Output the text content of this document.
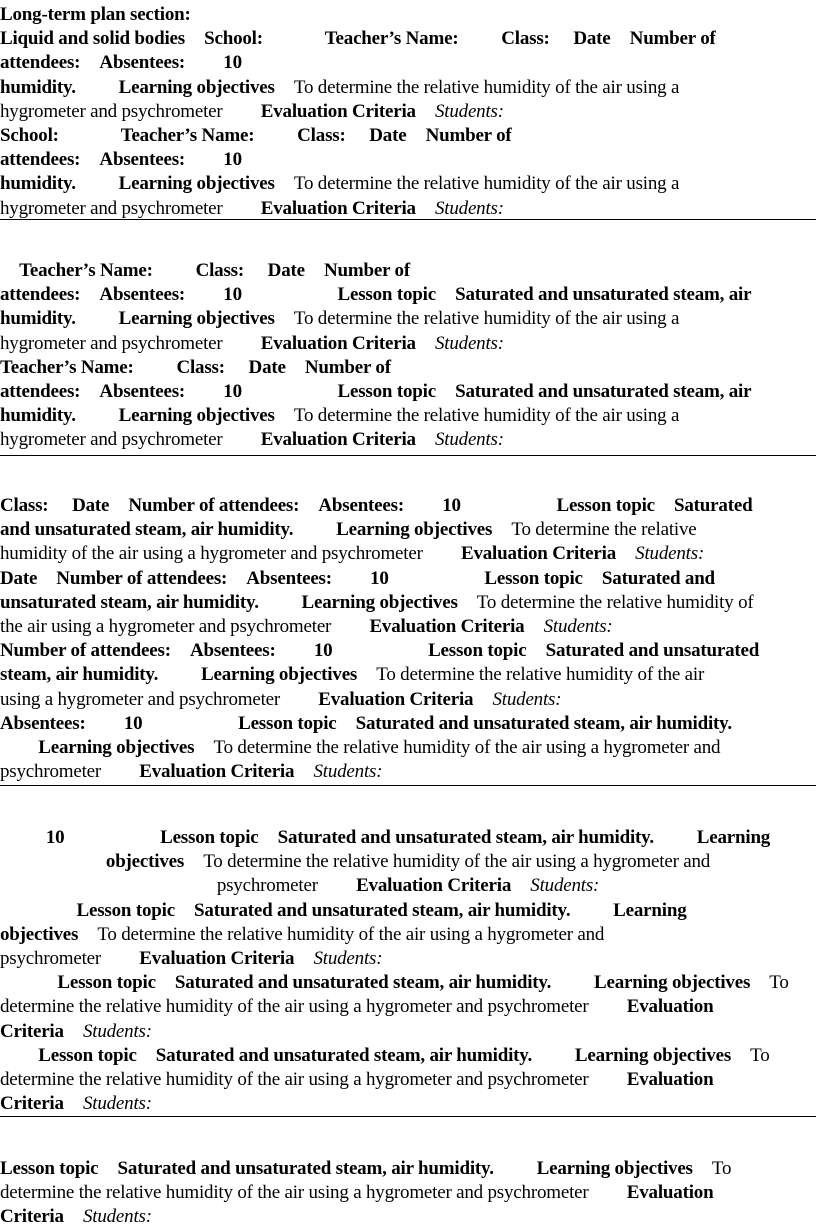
Long-term plan section:
Liquid and solid bodies School: Teacher’s Name: Class: Date Number of
attendees: Absentees: 10
humidity. Learning objectives To determine the relative humidity of the air using a
hygrometer and psychrometer Evaluation Criteria Students:
School: Teacher’s Name: Class: Date Number of
attendees: Absentees: 10
humidity. Learning objectives To determine the relative humidity of the air using a
hygrometer and psychrometer Evaluation Criteria Students:
Teacher’s Name: Class: Date Number of
attendees: Absentees: 10 Lesson topic Saturated and unsaturated steam, air
humidity. Learning objectives To determine the relative humidity of the air using a
hygrometer and psychrometer Evaluation Criteria Students:
Teacher’s Name: Class: Date Number of
attendees: Absentees: 10 Lesson topic Saturated and unsaturated steam, air
humidity. Learning objectives To determine the relative humidity of the air using a
hygrometer and psychrometer Evaluation Criteria Students:
Class: Date Number of attendees: Absentees: 10 Lesson topic Saturated
and unsaturated steam, air humidity. Learning objectives To determine the relative
humidity of the air using a hygrometer and psychrometer Evaluation Criteria Students:
Date Number of attendees: Absentees: 10 Lesson topic Saturated and
unsaturated steam, air humidity. Learning objectives To determine the relative humidity of
the air using a hygrometer and psychrometer Evaluation Criteria Students:
Number of attendees: Absentees: 10 Lesson topic Saturated and unsaturated
steam, air humidity. Learning objectives To determine the relative humidity of the air
using a hygrometer and psychrometer Evaluation Criteria Students:
Absentees: 10 Lesson topic Saturated and unsaturated steam, air humidity.
Learning objectives To determine the relative humidity of the air using a hygrometer and
psychrometer Evaluation Criteria Students:
10 Lesson topic Saturated and unsaturated steam, air humidity. Learning
objectives To determine the relative humidity of the air using a hygrometer and
psychrometer Evaluation Criteria Students:
Lesson topic Saturated and unsaturated steam, air humidity. Learning
objectives To determine the relative humidity of the air using a hygrometer and
psychrometer Evaluation Criteria Students:
Lesson topic Saturated and unsaturated steam, air humidity. Learning objectives To
determine the relative humidity of the air using a hygrometer and psychrometer Evaluation
Criteria Students:
Lesson topic Saturated and unsaturated steam, air humidity. Learning objectives To
determine the relative humidity of the air using a hygrometer and psychrometer Evaluation
Criteria Students:
Lesson topic Saturated and unsaturated steam, air humidity. Learning objectives To
determine the relative humidity of the air using a hygrometer and psychrometer Evaluation
Criteria Students:
